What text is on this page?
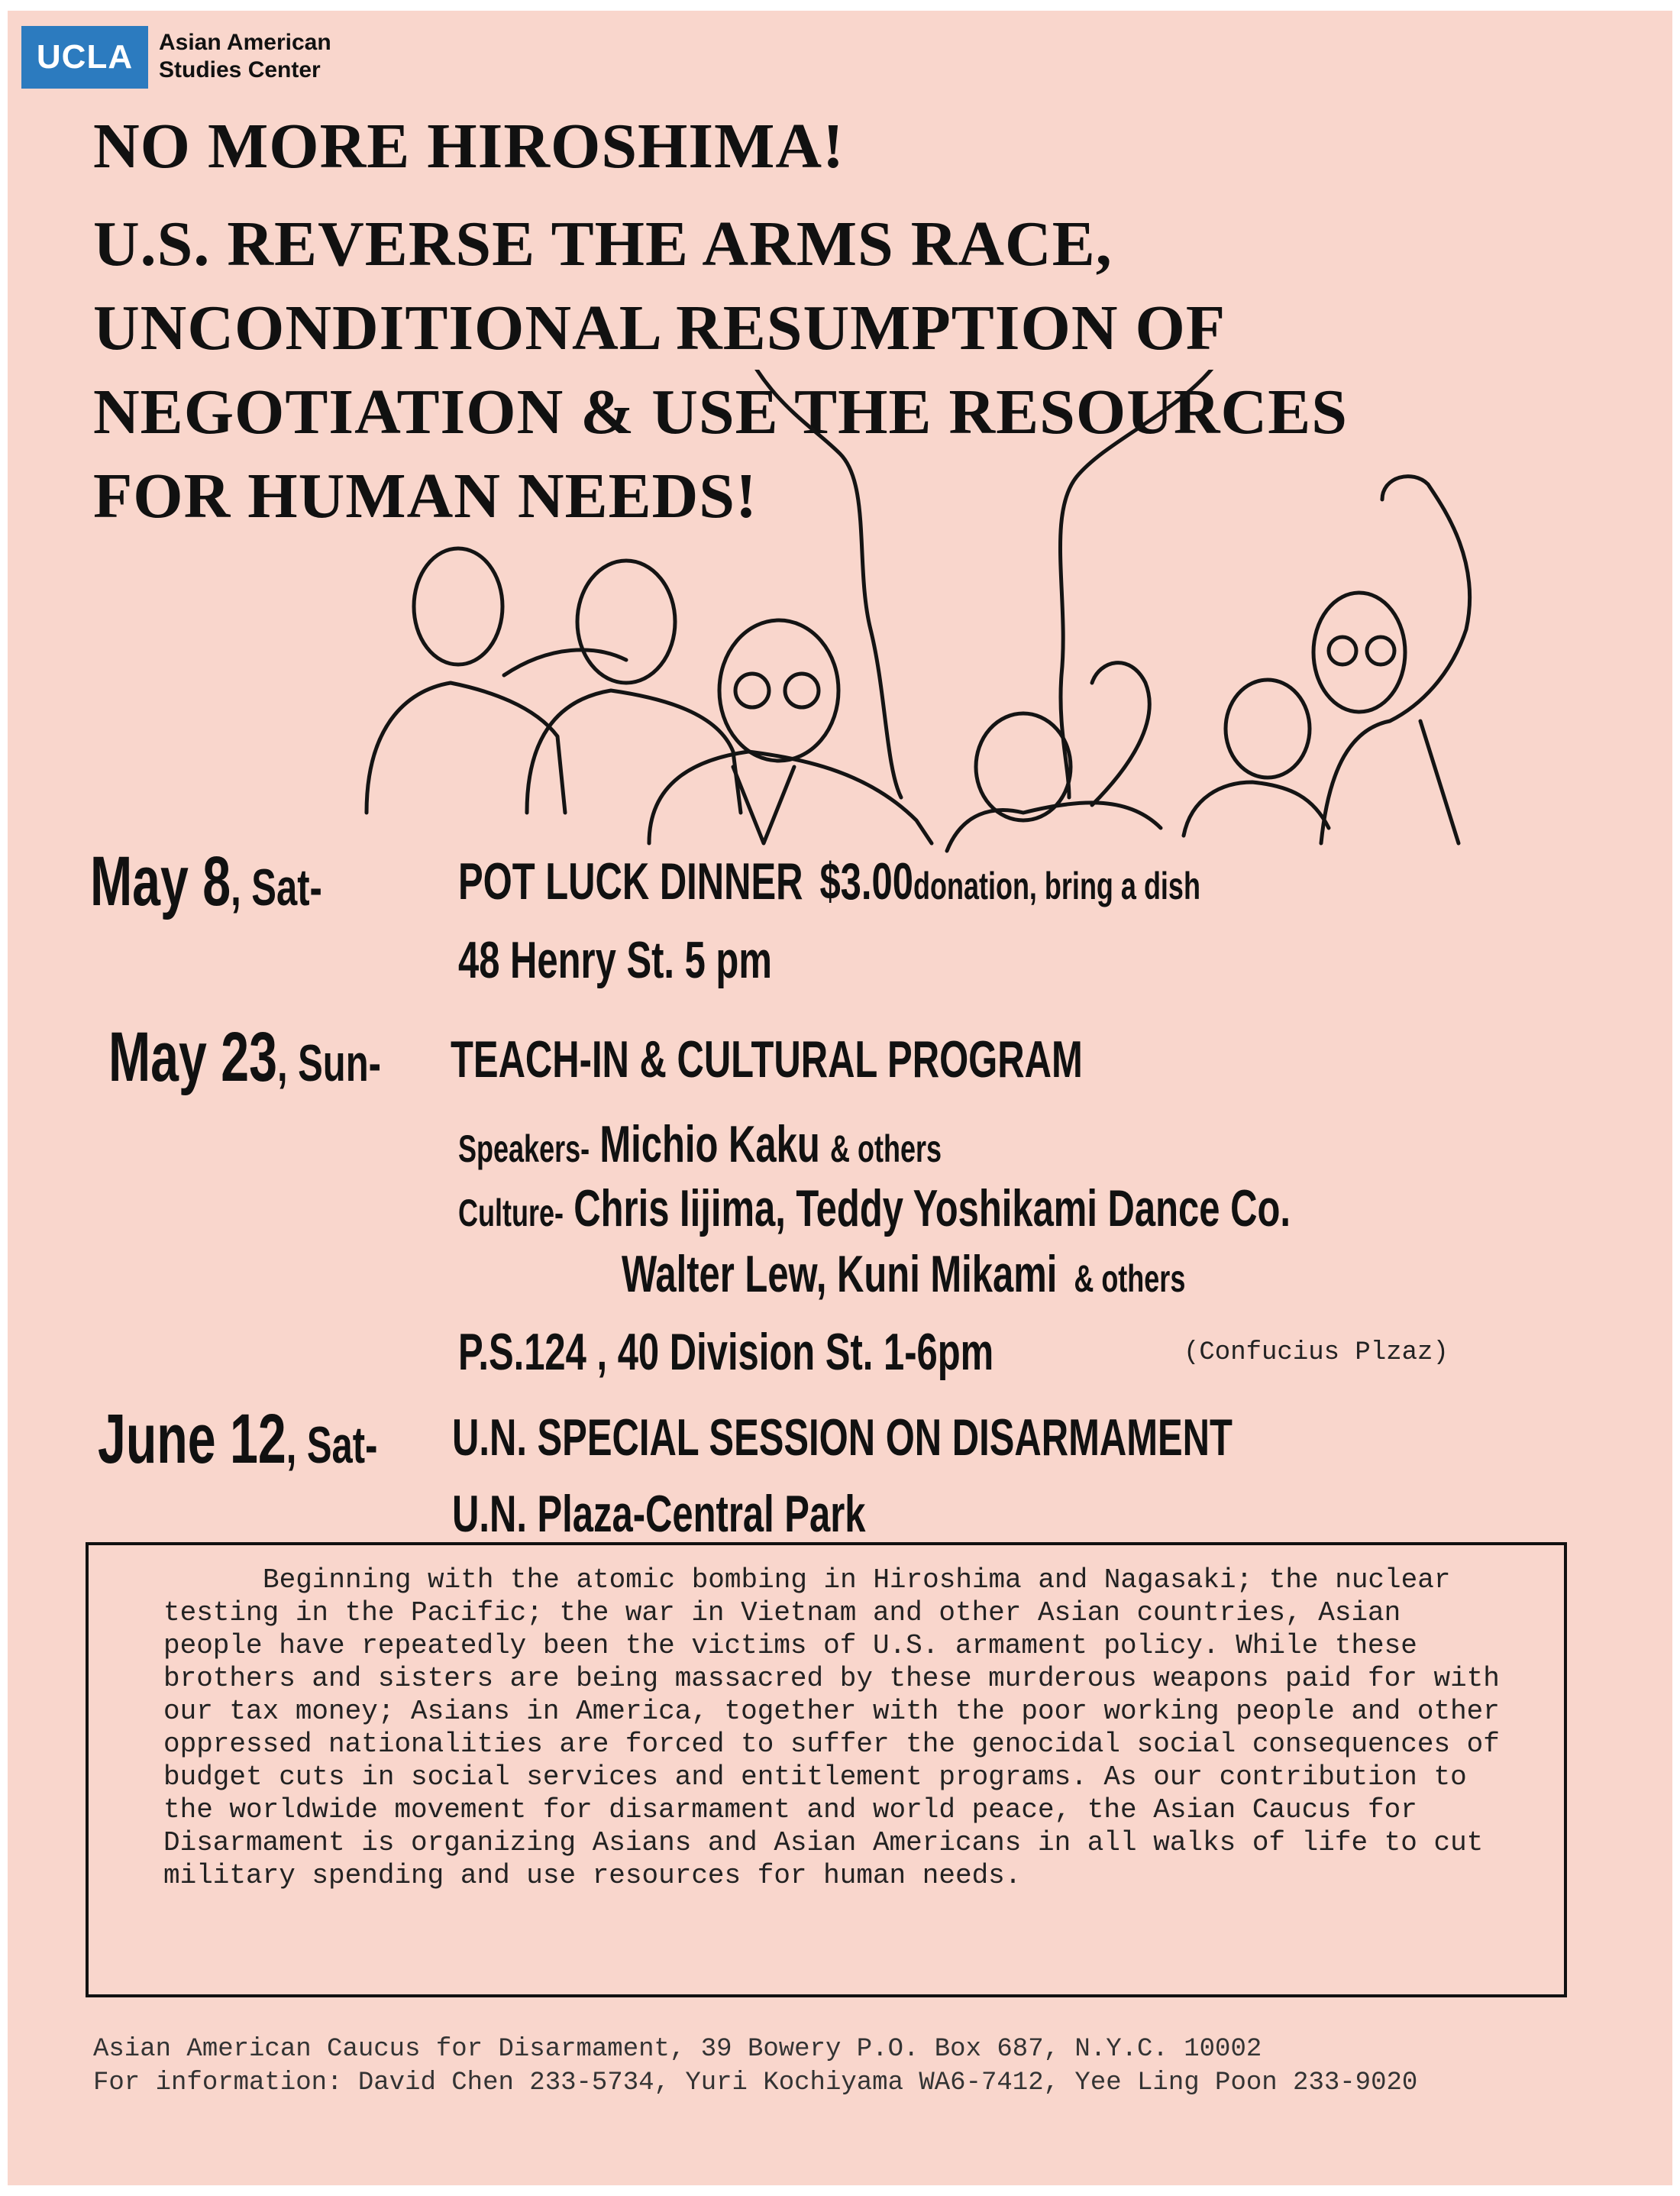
UCLA	Asian American
Studies Center
NO MORE HIROSHIMA!
U.S. REVERSE THE ARMS RACE,
UNCONDITIONAL RESUMPTION OF
NEGOTIATION & USE THE RESOURCES
FOR HUMAN NEEDS!
May 8, Sat-	POT LUCK DINNER $3.00donation, bring a dish
48 Henry St. 5 pm
May 23, Sun- TEACH-IN & CULTURAL PROGRAM
Speakers- Michio Kaku & others
Culture- Chris Iijima, Teddy Yoshikami Dance Co.
Walter Lew, Kuni Mikami & others
P.S.124 , 40 Division St. 1-6pm	(Confucius Plzaz)
June 12, Sat- U.N. SPECIAL SESSION ON DISARMAMENT
U.N. Plaza-Central Park

Beginning with the atomic bombing in Hiroshima and Nagasaki; the nuclear testing in the Pacific; the war in Vietnam and other Asian countries, Asian people have repeatedly been the victims of U.S. armament policy. While these brothers and sisters are being massacred by these murderous weapons paid for with our tax money; Asians in America, together with the poor working people and other oppressed nationalities are forced to suffer the genocidal social consequences of budget cuts in social services and entitlement programs. As our contribution to the worldwide movement for disarmament and world peace, the Asian Caucus for Disarmament is organizing Asians and Asian Americans in all walks of life to cut military spending and use resources for human needs.

Asian American Caucus for Disarmament, 39 Bowery P.O. Box 687, N.Y.C. 10002
For information: David Chen 233-5734, Yuri Kochiyama WA6-7412, Yee Ling Poon 233-9020
